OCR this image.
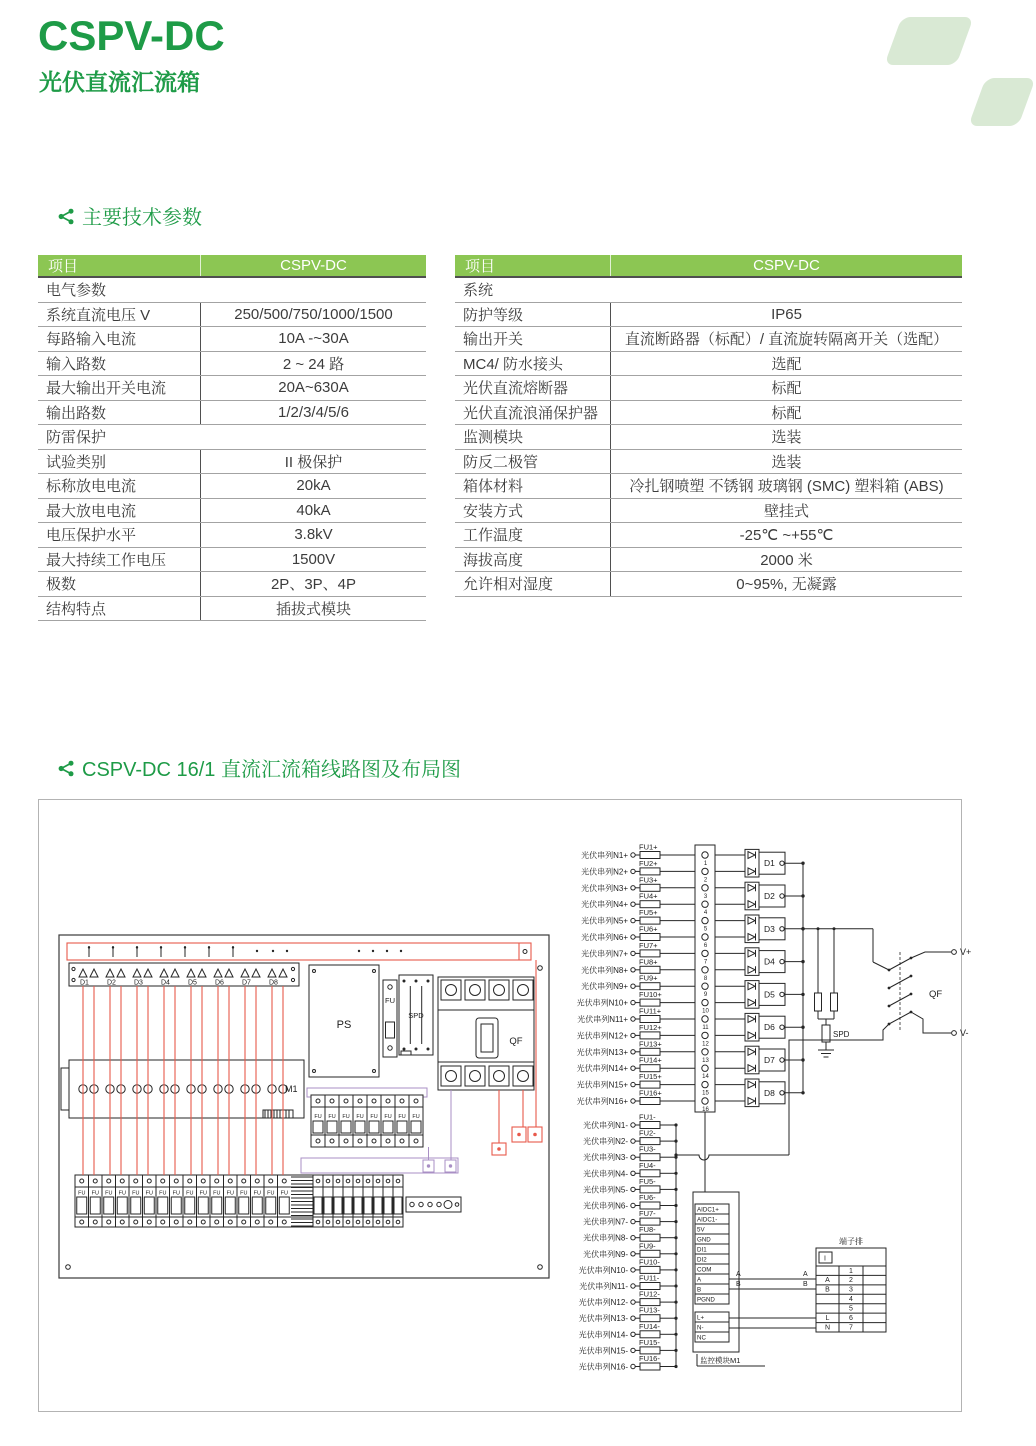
CSPV-DC
光伏直流汇流箱
主要技术参数
项目	CSPV-DC
电气参数
系统直流电压 V	250/500/750/1000/1500
每路输入电流	10A -~30A
输入路数	2 ~ 24 路
最大输出开关电流	20A~630A
输出路数	1/2/3/4/5/6
防雷保护
试验类别	II 极保护
标称放电电流	20kA
最大放电电流	40kA
电压保护水平	3.8kV
最大持续工作电压	1500V
极数	2P、3P、4P
结构特点	插拔式模块
项目	CSPV-DC
系统
防护等级	IP65
输出开关	直流断路器（标配）/ 直流旋转隔离开关（选配）
MC4/ 防水接头	选配
光伏直流熔断器	标配
光伏直流浪涌保护器	标配
监测模块	选装
防反二极管	选装
箱体材料	冷扎钢喷塑 不锈钢 玻璃钢 (SMC) 塑料箱 (ABS)
安装方式	壁挂式
工作温度	-25℃ ~+55℃
海拔高度	2000 米
允许相对湿度	0~95%, 无凝露
CSPV-DC 16/1 直流汇流箱线路图及布局图
D1	D2	D3	D4	D5	D6	D7	D8
M1
PS
FU
SPD
QF
FU FU FU FU FU FU FU FU
FU FU FU FU FU FU FU FU FU FU FU FU FU FU FU FU
光伏串列N1+
FU1+
光伏串列N2+
FU2+
光伏串列N3+
FU3+
光伏串列N4+
FU4+
光伏串列N5+
FU5+
光伏串列N6+
FU6+
光伏串列N7+
FU7+
光伏串列N8+
FU8+
光伏串列N9+
FU9+
光伏串列N10+
FU10+
光伏串列N11+
FU11+
光伏串列N12+
FU12+
光伏串列N13+
FU13+
光伏串列N14+
FU14+
光伏串列N15+
FU15+
光伏串列N16+
FU16+
1
2
3
4
5
6
7
8
9
10
11
12
13
14
15
16
D1
D2
D3
D4
D5
D6
D7
D8
SPD
V+
V-
QF
光伏串列N1-
FU1-
光伏串列N2-
FU2-
光伏串列N3-
FU3-
光伏串列N4-
FU4-
光伏串列N5-
FU5-
光伏串列N6-
FU6-
光伏串列N7-
FU7-
光伏串列N8-
FU8-
光伏串列N9-
FU9-
光伏串列N10-
FU10-
光伏串列N11-
FU11-
光伏串列N12-
FU12-
光伏串列N13-
FU13-
光伏串列N14-
FU14-
光伏串列N15-
FU15-
光伏串列N16-
FU16-
AIDC1+
AIDC1-
5V
GND
DI1
DI2
COM
A
B
PGND
L+
N-
NC
监控模块M1
A
B
A
B
端子排
I
1
A	2
B	3
4
5
L	6
N	7
